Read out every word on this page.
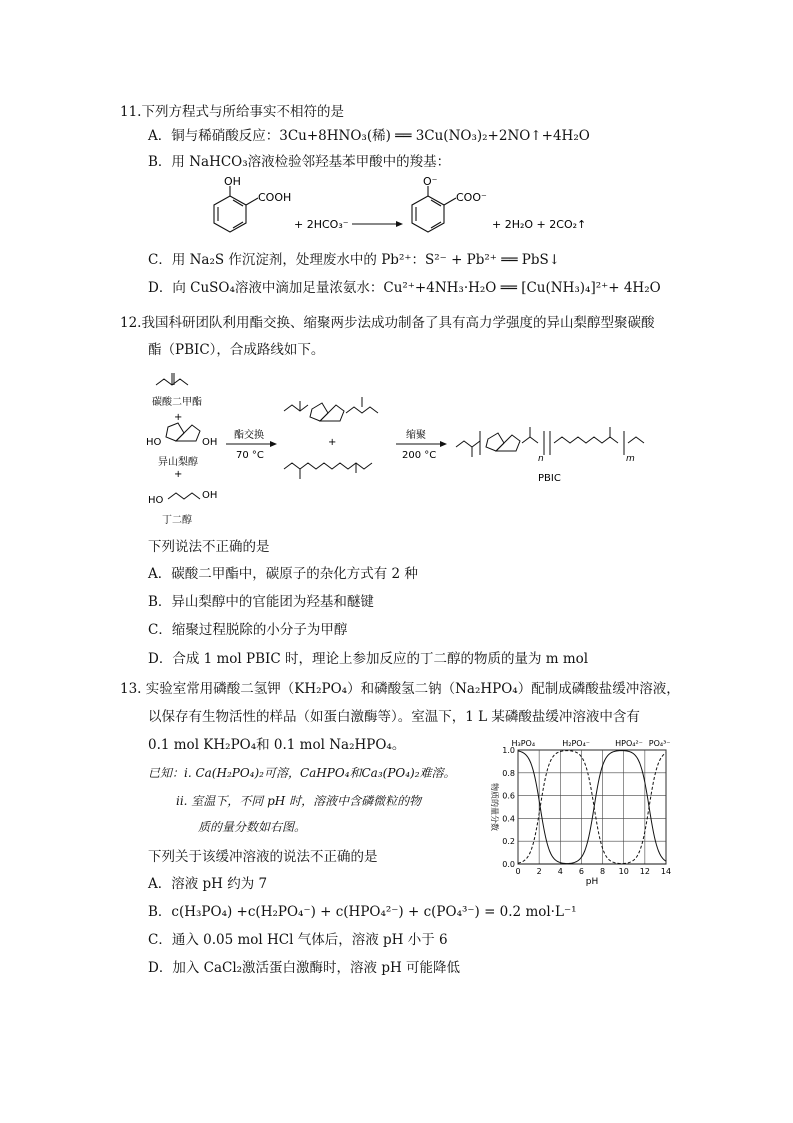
11.下列方程式与所给事实不相符的是
A．铜与稀硝酸反应：3Cu+8HNO₃(稀) ══ 3Cu(NO₃)₂+2NO↑+4H₂O
B．用 NaHCO₃溶液检验邻羟基苯甲酸中的羧基：
OH
COOH
+ 2HCO₃⁻
O⁻
COO⁻
+ 2H₂O + 2CO₂↑
C．用 Na₂S 作沉淀剂，处理废水中的 Pb²⁺：S²⁻ + Pb²⁺ ══ PbS↓
D．向 CuSO₄溶液中滴加足量浓氨水：Cu²⁺+4NH₃·H₂O ══ [Cu(NH₃)₄]²⁺+ 4H₂O
12.我国科研团队利用酯交换、缩聚两步法成功制备了具有高力学强度的异山梨醇型聚碳酸
酯（PBIC），合成路线如下。
碳酸二甲酯
+
HO	OH
异山梨醇
+
HO	OH
丁二醇
酯交换
70 °C
+
缩聚
200 °C	n	m
PBIC
下列说法不正确的是
A．碳酸二甲酯中，碳原子的杂化方式有 2 种
B．异山梨醇中的官能团为羟基和醚键
C．缩聚过程脱除的小分子为甲醇
D．合成 1 mol PBIC 时，理论上参加反应的丁二醇的物质的量为 m mol
13. 实验室常用磷酸二氢钾（KH₂PO₄）和磷酸氢二钠（Na₂HPO₄）配制成磷酸盐缓冲溶液，
以保存有生物活性的样品（如蛋白激酶等）。室温下，1 L 某磷酸盐缓冲溶液中含有
0.1 mol KH₂PO₄和 0.1 mol Na₂HPO₄。
已知：i. Ca(H₂PO₄)₂可溶，CaHPO₄和Ca₃(PO₄)₂难溶。
ii. 室温下，不同 pH 时，溶液中含磷微粒的物
质的量分数如右图。
下列关于该缓冲溶液的说法不正确的是
A．溶液 pH 约为 7
B．c(H₃PO₄) +c(H₂PO₄⁻) + c(HPO₄²⁻) + c(PO₄³⁻) = 0.2 mol·L⁻¹
C．通入 0.05 mol HCl 气体后，溶液 pH 小于 6
D．加入 CaCl₂激活蛋白激酶时，溶液 pH 可能降低
0 2 4 6 8 10 12 14
0.0
0.2
0.4
0.6
0.8
1.0
H₃PO₄	H₂PO₄⁻	HPO₄²⁻ PO₄³⁻
pH
物质的量分数
